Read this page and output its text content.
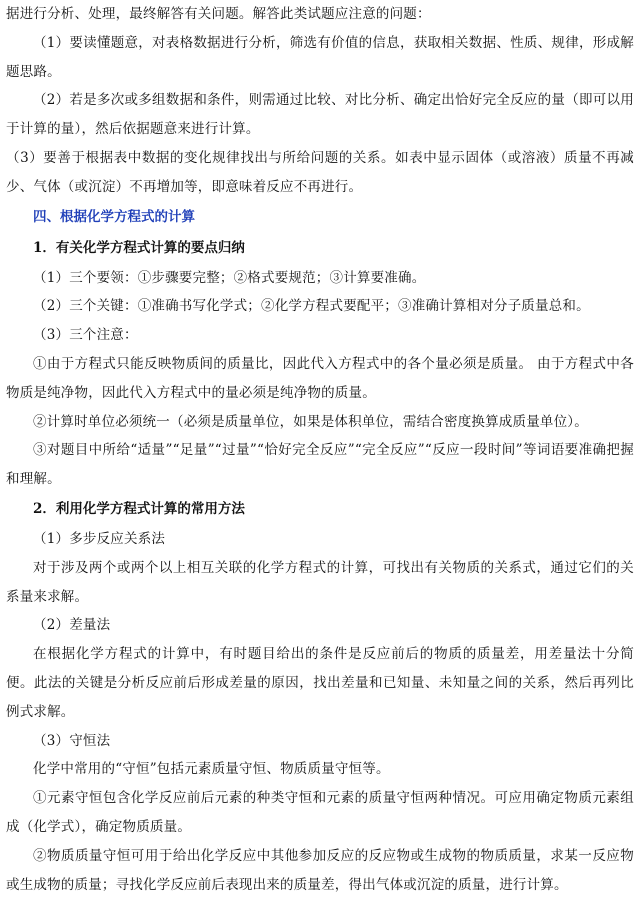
据进行分析、处理，最终解答有关问题。解答此类试题应注意的问题：

（1）要读懂题意，对表格数据进行分析，筛选有价值的信息，获取相关数据、性质、规律，形成解题思路。

（2）若是多次或多组数据和条件，则需通过比较、对比分析、确定出恰好完全反应的量（即可以用于计算的量），然后依据题意来进行计算。

（3）要善于根据表中数据的变化规律找出与所给问题的关系。如表中显示固体（或溶液）质量不再减少、气体（或沉淀）不再增加等，即意味着反应不再进行。

四、根据化学方程式的计算

1．有关化学方程式计算的要点归纳

（1）三个要领：①步骤要完整；②格式要规范；③计算要准确。

（2）三个关键：①准确书写化学式；②化学方程式要配平；③准确计算相对分子质量总和。

（3）三个注意：

①由于方程式只能反映物质间的质量比，因此代入方程式中的各个量必须是质量。 由于方程式中各物质是纯净物，因此代入方程式中的量必须是纯净物的质量。

②计算时单位必须统一（必须是质量单位，如果是体积单位，需结合密度换算成质量单位）。

③对题目中所给“适量”“足量”“过量”“恰好完全反应”“完全反应”“反应一段时间”等词语要准确把握和理解。

2．利用化学方程式计算的常用方法

（1）多步反应关系法

对于涉及两个或两个以上相互关联的化学方程式的计算，可找出有关物质的关系式，通过它们的关系量来求解。

（2）差量法

在根据化学方程式的计算中，有时题目给出的条件是反应前后的物质的质量差，用差量法十分简便。此法的关键是分析反应前后形成差量的原因，找出差量和已知量、未知量之间的关系，然后再列比例式求解。

（3）守恒法

化学中常用的“守恒”包括元素质量守恒、物质质量守恒等。

①元素守恒包含化学反应前后元素的种类守恒和元素的质量守恒两种情况。可应用确定物质元素组成（化学式），确定物质质量。

②物质质量守恒可用于给出化学反应中其他参加反应的反应物或生成物的物质质量，求某一反应物或生成物的质量；寻找化学反应前后表现出来的质量差，得出气体或沉淀的质量，进行计算。
